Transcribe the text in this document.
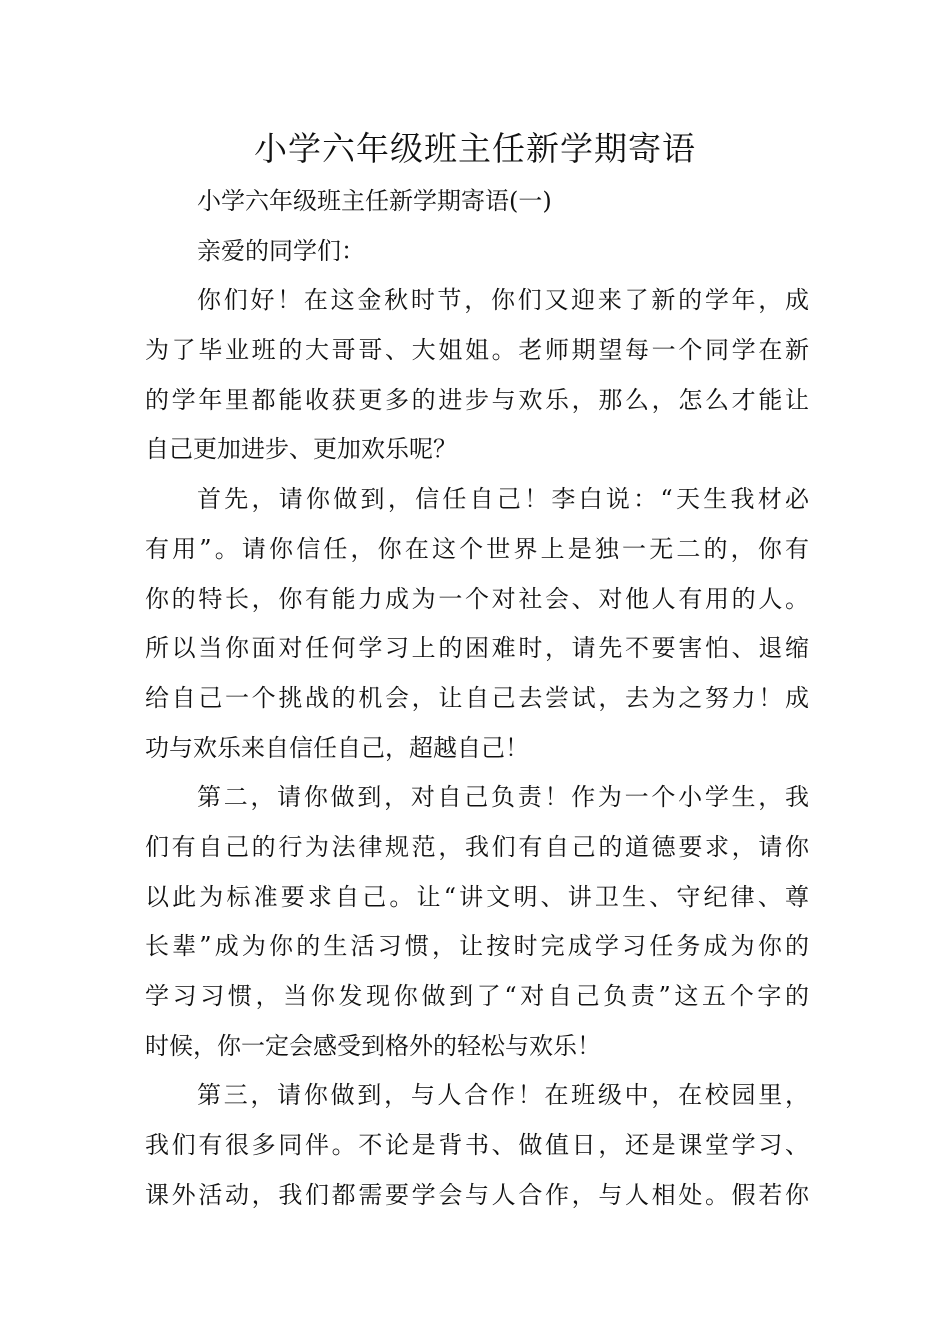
小学六年级班主任新学期寄语
小学六年级班主任新学期寄语(一)
亲爱的同学们：
你们好！在这金秋时节，你们又迎来了新的学年，成
为了毕业班的大哥哥、大姐姐。老师期望每一个同学在新
的学年里都能收获更多的进步与欢乐，那么，怎么才能让
自己更加进步、更加欢乐呢？
首先，请你做到，信任自己！李白说：“天生我材必
有用”。请你信任，你在这个世界上是独一无二的，你有
你的特长，你有能力成为一个对社会、对他人有用的人。
所以当你面对任何学习上的困难时，请先不要害怕、退缩
给自己一个挑战的机会，让自己去尝试，去为之努力！成
功与欢乐来自信任自己，超越自己！
第二，请你做到，对自己负责！作为一个小学生，我
们有自己的行为法律规范，我们有自己的道德要求，请你
以此为标准要求自己。让“讲文明、讲卫生、守纪律、尊
长辈”成为你的生活习惯，让按时完成学习任务成为你的
学习习惯，当你发现你做到了“对自己负责”这五个字的
时候，你一定会感受到格外的轻松与欢乐！
第三，请你做到，与人合作！在班级中，在校园里，
我们有很多同伴。不论是背书、做值日，还是课堂学习、
课外活动，我们都需要学会与人合作，与人相处。假若你
